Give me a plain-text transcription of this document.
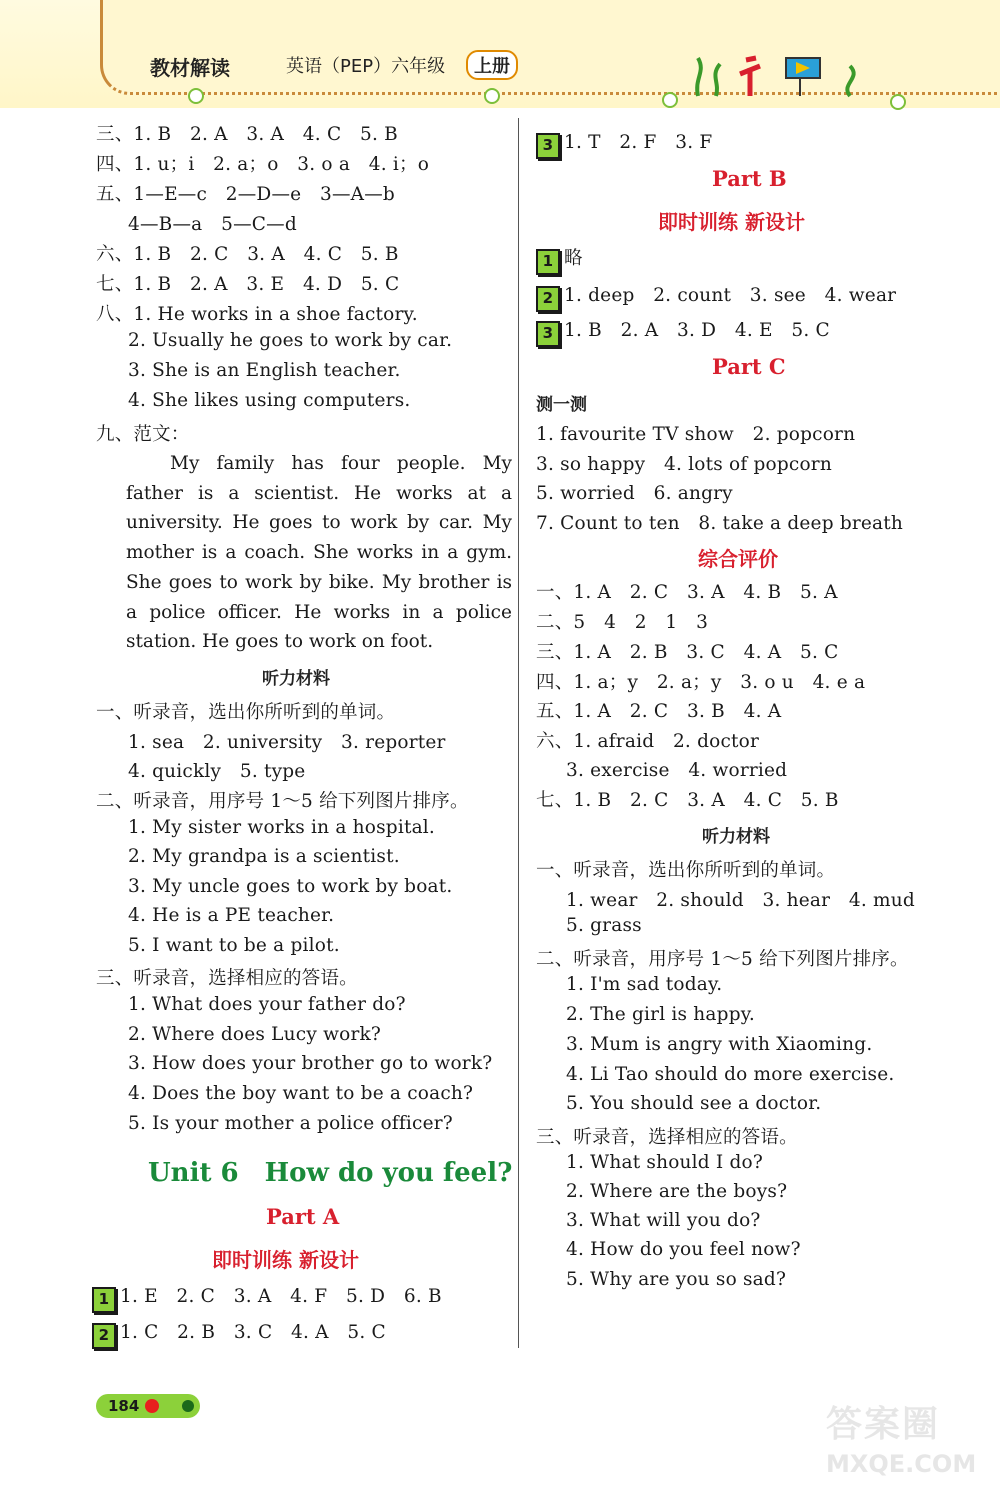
教材解读	英语（PEP）六年级	上册
三、1. B　2. A　3. A　4. C　5. B
四、1. u；i　2. a；o　3. o a　4. i；o
五、1—E—c　2—D—e　3—A—b
4—B—a　5—C—d
六、1. B　2. C　3. A　4. C　5. B
七、1. B　2. A　3. E　4. D　5. C
八、1. He works in a shoe factory.
2. Usually he goes to work by car.
3. She is an English teacher.
4. She likes using computers.
九、范文：
My family has four people. My father is a scientist. He works at a university. He goes to work by car. My mother is a coach. She works in a gym. She goes to work by bike. My brother is a police officer. He works in a police station. He goes to work on foot.
听力材料
一、听录音，选出你所听到的单词。
1. sea　2. university　3. reporter
4. quickly　5. type
二、听录音，用序号 1～5 给下列图片排序。
1. My sister works in a hospital.
2. My grandpa is a scientist.
3. My uncle goes to work by boat.
4. He is a PE teacher.
5. I want to be a pilot.
三、听录音，选择相应的答语。
1. What does your father do?
2. Where does Lucy work?
3. How does your brother go to work?
4. Does the boy want to be a coach?
5. Is your mother a police officer?
Unit 6　How do you feel?
Part A
即时训练 新设计
1 1. E　2. C　3. A　4. F　5. D　6. B
2 1. C　2. B　3. C　4. A　5. C
3 1. T　2. F　3. F
Part B
即时训练 新设计
1 略
2 1. deep　2. count　3. see　4. wear
3 1. B　2. A　3. D　4. E　5. C
Part C
测一测
1. favourite TV show　2. popcorn
3. so happy　4. lots of popcorn
5. worried　6. angry
7. Count to ten　8. take a deep breath
综合评价
一、1. A　2. C　3. A　4. B　5. A
二、5　4　2　1　3
三、1. A　2. B　3. C　4. A　5. C
四、1. a；y　2. a；y　3. o u　4. e a
五、1. A　2. C　3. B　4. A
六、1. afraid　2. doctor
3. exercise　4. worried
七、1. B　2. C　3. A　4. C　5. B
听力材料
一、听录音，选出你所听到的单词。
1. wear　2. should　3. hear　4. mud
5. grass
二、听录音，用序号 1～5 给下列图片排序。
1. I'm sad today.
2. The girl is happy.
3. Mum is angry with Xiaoming.
4. Li Tao should do more exercise.
5. You should see a doctor.
三、听录音，选择相应的答语。
1. What should I do?
2. Where are the boys?
3. What will you do?
4. How do you feel now?
5. Why are you so sad?
184	答案圈
MXQE.COM
